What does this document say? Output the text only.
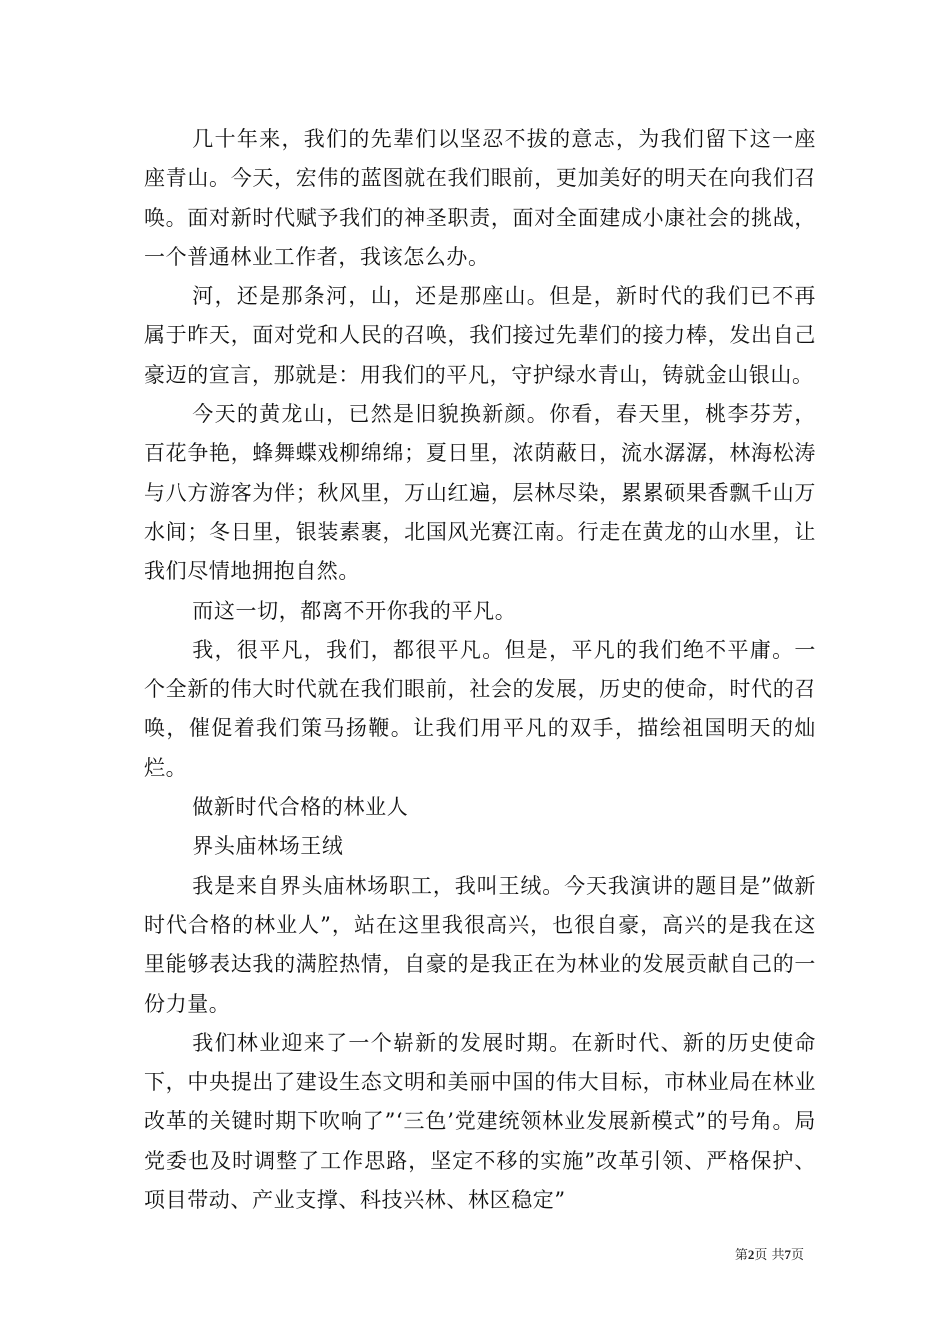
几十年来，我们的先辈们以坚忍不拔的意志，为我们留下这一座座青山。今天，宏伟的蓝图就在我们眼前，更加美好的明天在向我们召唤。面对新时代赋予我们的神圣职责，面对全面建成小康社会的挑战，一个普通林业工作者，我该怎么办。

河，还是那条河，山，还是那座山。但是，新时代的我们已不再属于昨天，面对党和人民的召唤，我们接过先辈们的接力棒，发出自己豪迈的宣言，那就是：用我们的平凡，守护绿水青山，铸就金山银山。

今天的黄龙山，已然是旧貌换新颜。你看，春天里，桃李芬芳，百花争艳，蜂舞蝶戏柳绵绵；夏日里，浓荫蔽日，流水潺潺，林海松涛与八方游客为伴；秋风里，万山红遍，层林尽染，累累硕果香飘千山万水间；冬日里，银装素裹，北国风光赛江南。行走在黄龙的山水里，让我们尽情地拥抱自然。

而这一切，都离不开你我的平凡。

我，很平凡，我们，都很平凡。但是，平凡的我们绝不平庸。一个全新的伟大时代就在我们眼前，社会的发展，历史的使命，时代的召唤，催促着我们策马扬鞭。让我们用平凡的双手，描绘祖国明天的灿烂。

做新时代合格的林业人

界头庙林场王绒

我是来自界头庙林场职工，我叫王绒。今天我演讲的题目是”做新时代合格的林业人”，站在这里我很高兴，也很自豪，高兴的是我在这里能够表达我的满腔热情，自豪的是我正在为林业的发展贡献自己的一份力量。

我们林业迎来了一个崭新的发展时期。在新时代、新的历史使命下，中央提出了建设生态文明和美丽中国的伟大目标，市林业局在林业改革的关键时期下吹响了”‘三色’党建统领林业发展新模式”的号角。局党委也及时调整了工作思路，坚定不移的实施”改革引领、严格保护、项目带动、产业支撑、科技兴林、林区稳定”

第2页 共7页
